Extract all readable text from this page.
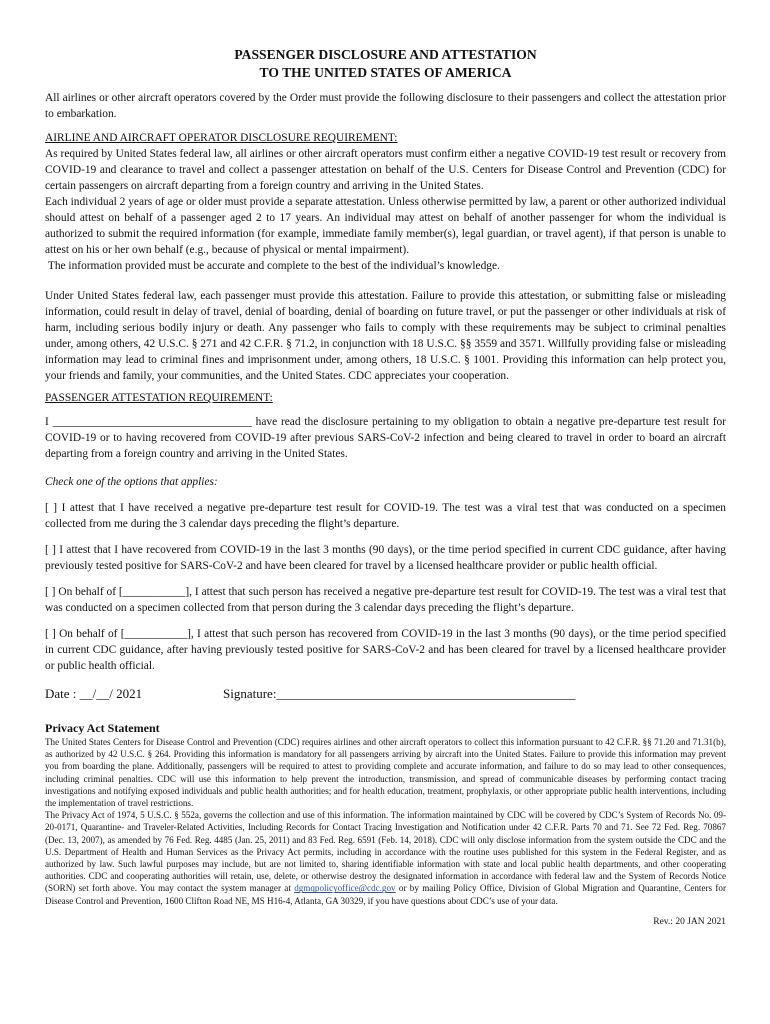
PASSENGER DISCLOSURE AND ATTESTATION

TO THE UNITED STATES OF AMERICA

All airlines or other aircraft operators covered by the Order must provide the following disclosure to their passengers and collect the attestation prior to embarkation.

AIRLINE AND AIRCRAFT OPERATOR DISCLOSURE REQUIREMENT:

As required by United States federal law, all airlines or other aircraft operators must confirm either a negative COVID-19 test result or recovery from COVID-19 and clearance to travel and collect a passenger attestation on behalf of the U.S. Centers for Disease Control and Prevention (CDC) for certain passengers on aircraft departing from a foreign country and arriving in the United States.

Each individual 2 years of age or older must provide a separate attestation. Unless otherwise permitted by law, a parent or other authorized individual should attest on behalf of a passenger aged 2 to 17 years. An individual may attest on behalf of another passenger for whom the individual is authorized to submit the required information (for example, immediate family member(s), legal guardian, or travel agent), if that person is unable to attest on his or her own behalf (e.g., because of physical or mental impairment).

The information provided must be accurate and complete to the best of the individual’s knowledge.

Under United States federal law, each passenger must provide this attestation. Failure to provide this attestation, or submitting false or misleading information, could result in delay of travel, denial of boarding, denial of boarding on future travel, or put the passenger or other individuals at risk of harm, including serious bodily injury or death. Any passenger who fails to comply with these requirements may be subject to criminal penalties under, among others, 42 U.S.C. § 271 and 42 C.F.R. § 71.2, in conjunction with 18 U.S.C. §§ 3559 and 3571. Willfully providing false or misleading information may lead to criminal fines and imprisonment under, among others, 18 U.S.C. § 1001. Providing this information can help protect you, your friends and family, your communities, and the United States. CDC appreciates your cooperation.

PASSENGER ATTESTATION REQUIREMENT:

I ___________________________________ have read the disclosure pertaining to my obligation to obtain a negative pre-departure test result for COVID-19 or to having recovered from COVID-19 after previous SARS-CoV-2 infection and being cleared to travel in order to board an aircraft departing from a foreign country and arriving in the United States.

Check one of the options that applies:

[ ] I attest that I have received a negative pre-departure test result for COVID-19. The test was a viral test that was conducted on a specimen collected from me during the 3 calendar days preceding the flight’s departure.

[ ] I attest that I have recovered from COVID-19 in the last 3 months (90 days), or the time period specified in current CDC guidance, after having previously tested positive for SARS-CoV-2 and have been cleared for travel by a licensed healthcare provider or public health official.

[ ] On behalf of [___________], I attest that such person has received a negative pre-departure test result for COVID-19. The test was a viral test that was conducted on a specimen collected from that person during the 3 calendar days preceding the flight’s departure.

[ ] On behalf of [___________], I attest that such person has recovered from COVID-19 in the last 3 months (90 days), or the time period specified in current CDC guidance, after having previously tested positive for SARS-CoV-2 and has been cleared for travel by a licensed healthcare provider or public health official.

Date : __/__/ 2021	Signature:______________________________________________
Privacy Act Statement

The United States Centers for Disease Control and Prevention (CDC) requires airlines and other aircraft operators to collect this information pursuant to 42 C.F.R. §§ 71.20 and 71.31(b), as authorized by 42 U.S.C. § 264. Providing this information is mandatory for all passengers arriving by aircraft into the United States. Failure to provide this information may prevent you from boarding the plane. Additionally, passengers will be required to attest to providing complete and accurate information, and failure to do so may lead to other consequences, including criminal penalties. CDC will use this information to help prevent the introduction, transmission, and spread of communicable diseases by performing contact tracing investigations and notifying exposed individuals and public health authorities; and for health education, treatment, prophylaxis, or other appropriate public health interventions, including the implementation of travel restrictions.

The Privacy Act of 1974, 5 U.S.C. § 552a, governs the collection and use of this information. The information maintained by CDC will be covered by CDC’s System of Records No. 09-20-0171, Quarantine- and Traveler-Related Activities, Including Records for Contact Tracing Investigation and Notification under 42 C.F.R. Parts 70 and 71. See 72 Fed. Reg. 70867 (Dec. 13, 2007), as amended by 76 Fed. Reg. 4485 (Jan. 25, 2011) and 83 Fed. Reg. 6591 (Feb. 14, 2018). CDC will only disclose information from the system outside the CDC and the U.S. Department of Health and Human Services as the Privacy Act permits, including in accordance with the routine uses published for this system in the Federal Register, and as authorized by law. Such lawful purposes may include, but are not limited to, sharing identifiable information with state and local public health departments, and other cooperating authorities. CDC and cooperating authorities will retain, use, delete, or otherwise destroy the designated information in accordance with federal law and the System of Records Notice (SORN) set forth above. You may contact the system manager at dgmqpolicyoffice@cdc.gov or by mailing Policy Office, Division of Global Migration and Quarantine, Centers for Disease Control and Prevention, 1600 Clifton Road NE, MS H16-4, Atlanta, GA 30329, if you have questions about CDC’s use of your data.

Rev.: 20 JAN 2021
